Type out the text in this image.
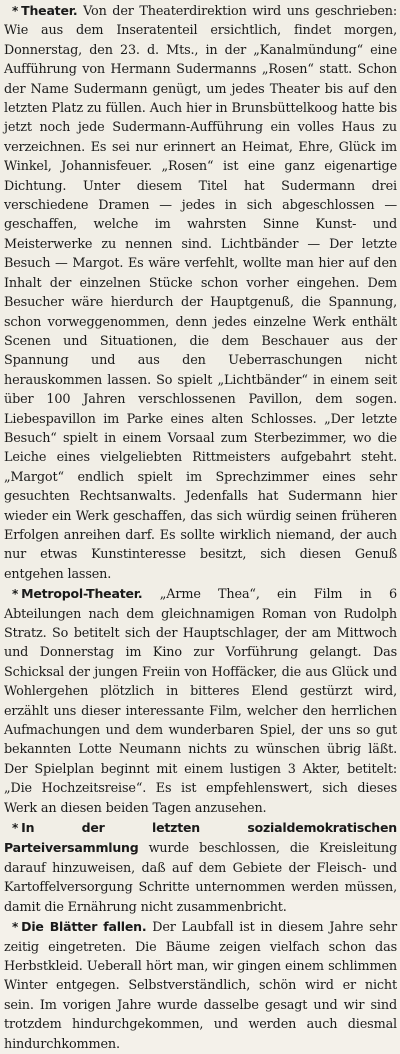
* Theater. Von der Theaterdirektion wird uns geschrieben: Wie aus dem Inseratenteil ersichtlich, findet morgen, Donnerstag, den 23. d. Mts., in der „Kanalmündung“ eine Aufführung von Hermann Sudermanns „Rosen“ statt. Schon der Name Sudermann genügt, um jedes Theater bis auf den letzten Platz zu füllen. Auch hier in Brunsbüttelkoog hatte bis jetzt noch jede Sudermann-Aufführung ein volles Haus zu verzeichnen. Es sei nur erinnert an Heimat, Ehre, Glück im Winkel, Johannisfeuer. „Rosen“ ist eine ganz eigenartige Dichtung. Unter diesem Titel hat Sudermann drei verschiedene Dramen — jedes in sich abgeschlossen — geschaffen, welche im wahrsten Sinne Kunst- und Meisterwerke zu nennen sind. Lichtbänder — Der letzte Besuch — Margot. Es wäre verfehlt, wollte man hier auf den Inhalt der einzelnen Stücke schon vorher eingehen. Dem Besucher wäre hierdurch der Hauptgenuß, die Spannung, schon vorweggenommen, denn jedes einzelne Werk enthält Scenen und Situationen, die dem Beschauer aus der Spannung und aus den Ueberraschungen nicht herauskommen lassen. So spielt „Lichtbänder“ in einem seit über 100 Jahren verschlossenen Pavillon, dem sogen. Liebespavillon im Parke eines alten Schlosses. „Der letzte Besuch“ spielt in einem Vorsaal zum Sterbezimmer, wo die Leiche eines vielgeliebten Rittmeisters aufgebahrt steht. „Margot“ endlich spielt im Sprechzimmer eines sehr gesuchten Rechtsanwalts. Jedenfalls hat Sudermann hier wieder ein Werk geschaffen, das sich würdig seinen früheren Erfolgen anreihen darf. Es sollte wirklich niemand, der auch nur etwas Kunstinteresse besitzt, sich diesen Genuß entgehen lassen.

* Metropol-Theater. „Arme Thea“, ein Film in 6 Abteilungen nach dem gleichnamigen Roman von Rudolph Stratz. So betitelt sich der Hauptschlager, der am Mittwoch und Donnerstag im Kino zur Vorführung gelangt. Das Schicksal der jungen Freiin von Hoffäcker, die aus Glück und Wohlergehen plötzlich in bitteres Elend gestürzt wird, erzählt uns dieser interessante Film, welcher den herrlichen Aufmachungen und dem wunderbaren Spiel, der uns so gut bekannten Lotte Neumann nichts zu wünschen übrig läßt. Der Spielplan beginnt mit einem lustigen 3 Akter, betitelt: „Die Hochzeitsreise“. Es ist empfehlenswert, sich dieses Werk an diesen beiden Tagen anzusehen.

* In der letzten sozialdemokratischen Parteiversammlung wurde beschlossen, die Kreisleitung darauf hinzuweisen, daß auf dem Gebiete der Fleisch- und Kartoffelversorgung Schritte unternommen werden müssen, damit die Ernährung nicht zusammenbricht.

* Die Blätter fallen. Der Laubfall ist in diesem Jahre sehr zeitig eingetreten. Die Bäume zeigen vielfach schon das Herbstkleid. Ueberall hört man, wir gingen einem schlimmen Winter entgegen. Selbstverständlich, schön wird er nicht sein. Im vorigen Jahre wurde dasselbe gesagt und wir sind trotzdem hindurchgekommen, und werden auch diesmal hindurchkommen.
